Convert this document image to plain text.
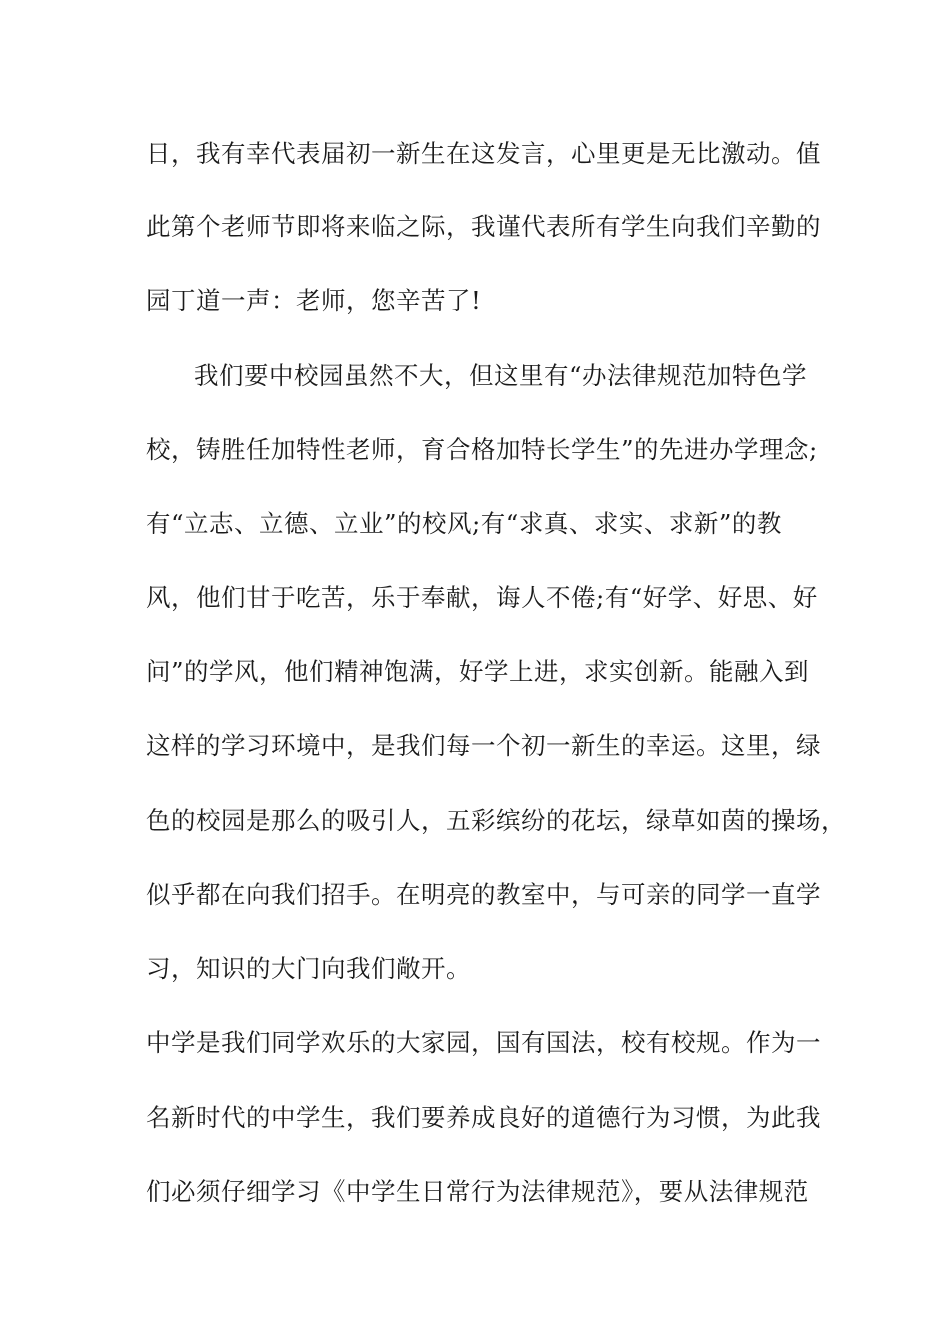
日，我有幸代表届初一新生在这发言，心里更是无比激动。值
此第个老师节即将来临之际，我谨代表所有学生向我们辛勤的
园丁道一声：老师，您辛苦了!
我们要中校园虽然不大，但这里有“办法律规范加特色学
校，铸胜任加特性老师，育合格加特长学生”的先进办学理念;
有“立志、立德、立业”的校风;有“求真、求实、求新”的教
风，他们甘于吃苦，乐于奉献，诲人不倦;有“好学、好思、好
问”的学风，他们精神饱满，好学上进，求实创新。能融入到
这样的学习环境中，是我们每一个初一新生的幸运。这里，绿
色的校园是那么的吸引人，五彩缤纷的花坛，绿草如茵的操场，
似乎都在向我们招手。在明亮的教室中，与可亲的同学一直学
习，知识的大门向我们敞开。
中学是我们同学欢乐的大家园，国有国法，校有校规。作为一
名新时代的中学生，我们要养成良好的道德行为习惯，为此我
们必须仔细学习《中学生日常行为法律规范》，要从法律规范
